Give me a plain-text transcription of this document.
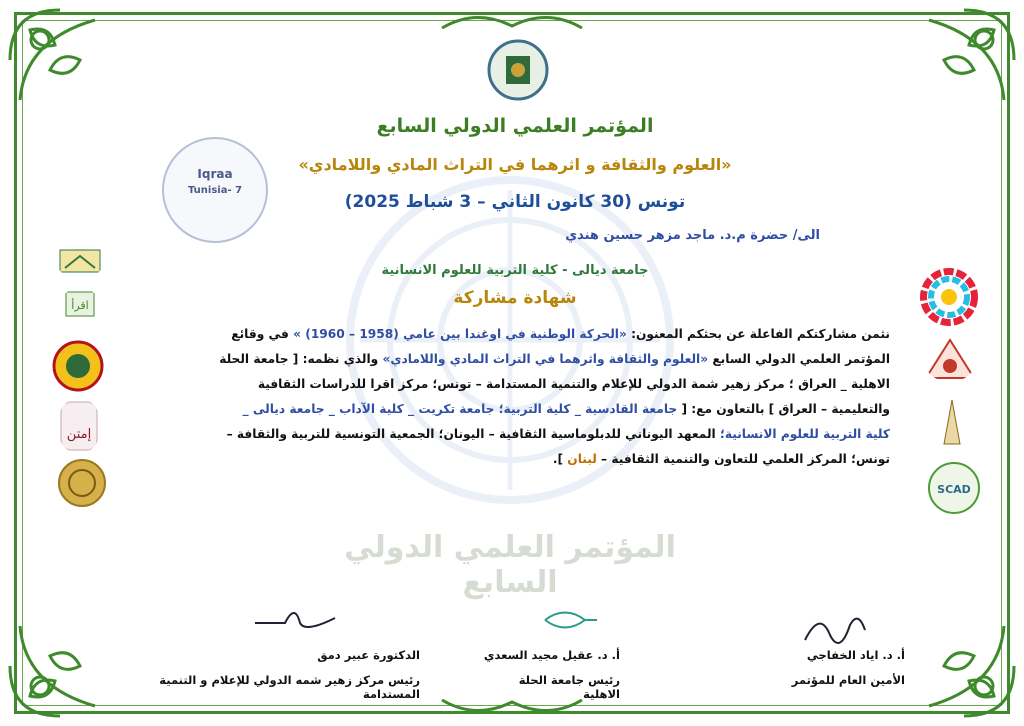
المؤتمر العلمي الدولي السابع
Iqraa
Tunisia- 7
اقرأ
إمتن
SCAD
المؤتمر العلمي الدولي السابع
«العلوم والثقافة و اثرهما في التراث المادي واللامادي»
تونس (30 كانون الثاني – 3 شباط 2025)
الى/ حضرة م.د. ماجد مزهر حسين هندي
جامعة ديالى - كلية التربية للعلوم الانسانية
شهادة مشاركة
نثمن مشاركتكم الفاعلة عن بحثكم المعنون: «الحركة الوطنية في اوغندا بين عامي (1958 – 1960) » في وقائع
المؤتمر العلمي الدولي السابع «العلوم والثقافة واثرهما في التراث المادي واللامادي» والذي نظمه: [ جامعة الحلة
الاهلية _ العراق ؛ مركز زهير شمة الدولي للإعلام والتنمية المستدامة – تونس؛ مركز اقرا للدراسات الثقافية
والتعليمية – العراق ] بالتعاون مع: [ جامعة القادسية _ كلية التربية؛ جامعة تكريت _ كلية الآداب _ جامعة ديالى _
كلية التربية للعلوم الانسانية؛ المعهد اليوناني للدبلوماسية الثقافية – اليونان؛ الجمعية التونسية للتربية والثقافة –
تونس؛ المركز العلمي للتعاون والتنمية الثقافية – لبنان ].
أ. د. اياد الخفاجي
الأمين العام للمؤتمر
أ. د. عقيل مجيد السعدي
رئيس جامعة الحلة الاهلية
الدكتورة عبير دمق
رئيس مركز زهير شمه الدولي للإعلام و التنمية المستدامة
